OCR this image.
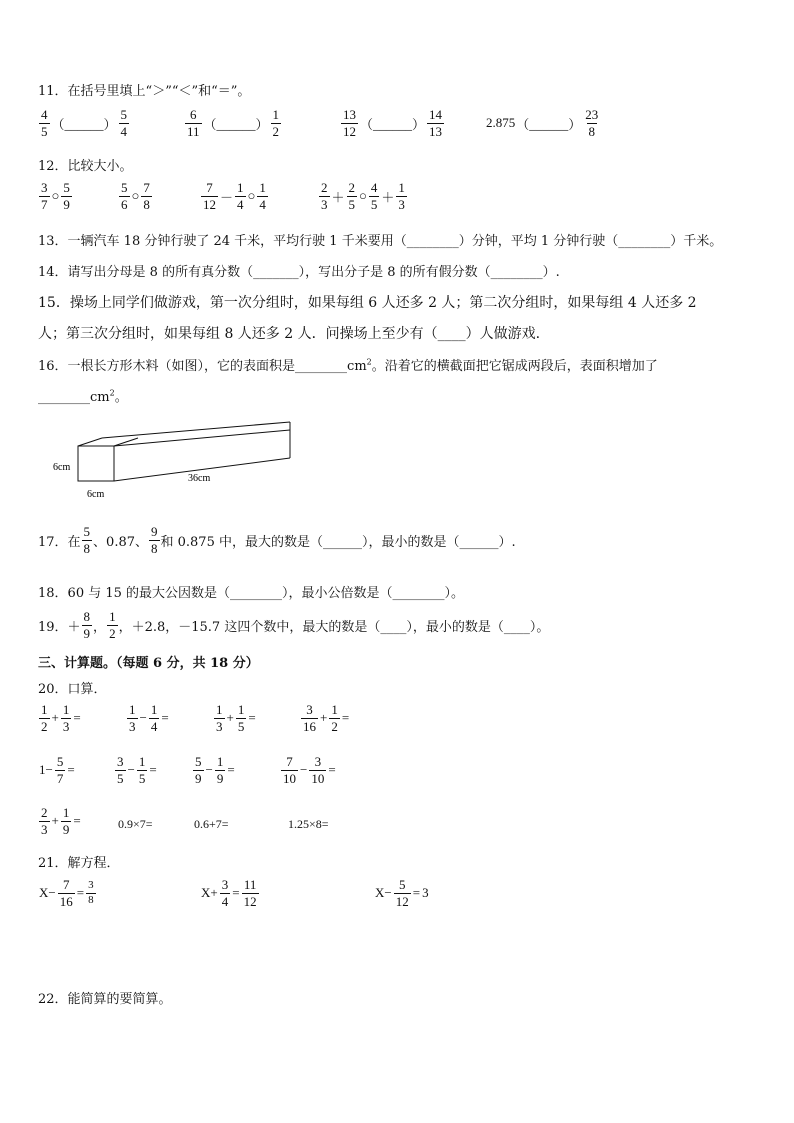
11．在括号里填上“＞”“＜”和“＝”。
$\frac{4}{5}$ （______） $\frac{5}{4}$	$\frac{6}{11}$ （______） $\frac{1}{2}$	$\frac{13}{12}$ （______） $\frac{14}{13}$	2.875 （______） $\frac{23}{8}$
12．比较大小。
$\frac{3}{7}$ ○ $\frac{5}{9}$	$\frac{5}{6}$ ○ $\frac{7}{8}$	$\frac{7}{12} - \frac{1}{4}$ ○ $\frac{1}{4}$	$\frac{2}{3} + \frac{2}{5}$ ○ $\frac{4}{5} + \frac{1}{3}$
13．一辆汽车 18 分钟行驶了 24 千米，平均行驶 1 千米要用（________）分钟，平均 1 分钟行驶（________）千米。
14．请写出分母是 8 的所有真分数（_______），写出分子是 8 的所有假分数（________）.
15．操场上同学们做游戏，第一次分组时，如果每组 6 人还多 2 人；第二次分组时，如果每组 4 人还多 2
人；第三次分组时，如果每组 8 人还多 2 人．问操场上至少有（____）人做游戏.
16．一根长方形木料（如图），它的表面积是$\_\_\_\_\_\_\_\_cm^2$。沿着它的横截面把它锯成两段后，表面积增加了
$\_\_\_\_\_\_\_\_cm^2$。
6cm
6cm
36cm
17．在 $\frac{5}{8}$ 、0.87、 $\frac{9}{8}$ 和 0.875 中，最大的数是（______），最小的数是（______）.
18．60 与 15 的最大公因数是（________），最小公倍数是（________）。
19．＋ $\frac{8}{9}$ ， $\frac{1}{2}$ ，＋2.8，－15.7 这四个数中，最大的数是（____），最小的数是（____）。
三、计算题。（每题 6 分，共 18 分）
20．口算．
$\frac{1}{2} + \frac{1}{3}$ =	$\frac{1}{3} - \frac{1}{4}$ =	$\frac{1}{3} + \frac{1}{5}$ =	$\frac{3}{16} + \frac{1}{2}$ =
$1- \frac{5}{7}$ =	$\frac{3}{5} - \frac{1}{5}$ =	$\frac{5}{9} - \frac{1}{9}$ =	$\frac{7}{10} - \frac{3}{10}$ =
$\frac{2}{3} + \frac{1}{9}$ =	0.9×7=	0.6+7=	1.25×8=
21．解方程．
$X- \frac{7}{16} = \frac{3}{8}$	$X+ \frac{3}{4} = \frac{11}{12}$	$X- \frac{5}{12} = 3$
22．能简算的要简算。
